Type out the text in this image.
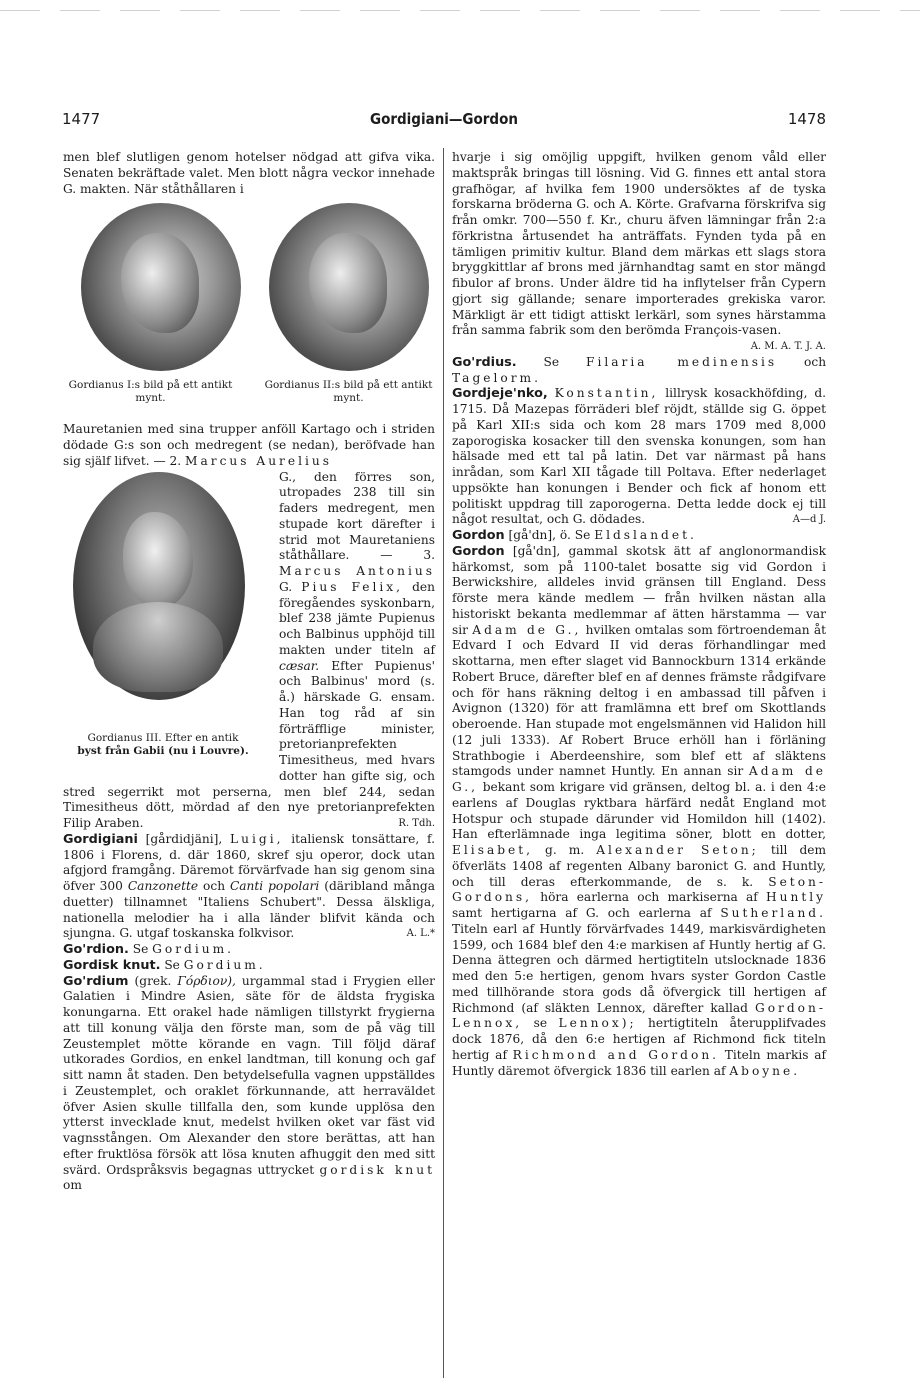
1477	Gordigiani—Gordon	1478

men blef slutligen genom hotelser nödgad att gifva vika. Senaten bekräftade valet. Men blott några veckor innehade G. makten. När ståthållaren i

Gordianus I:s bild på ett antikt mynt.
Gordianus II:s bild på ett antikt mynt.

Mauretanien med sina trupper anföll Kartago och i striden dödade G:s son och medregent (se nedan), beröfvade han sig själf lifvet. — 2. Marcus Aurelius

Gordianus III. Efter en antik
byst från Gabii (nu i Louvre).
G., den förres son, utropades 238 till sin faders medregent, men stupade kort därefter i strid mot Mauretaniens ståthållare. — 3. Marcus Antonius G. Pius Felix, den föregåendes syskonbarn, blef 238 jämte Pupienus och Balbinus upphöjd till makten under titeln af cæsar. Efter Pupienus' och Balbinus' mord (s. å.) härskade G. ensam. Han tog råd af sin förträfflige minister, pretorianprefekten Timesitheus, med hvars dotter han gifte sig, och stred segerrikt mot perserna, men blef 244, sedan Timesitheus dött, mördad af den nye pretorianprefekten Filip Araben.	R. Tdh.

Gordigiani [gårdidjäni], Luigi, italiensk tonsättare, f. 1806 i Florens, d. där 1860, skref sju operor, dock utan afgjord framgång. Däremot förvärfvade han sig genom sina öfver 300 Canzonette och Canti popolari (däribland många duetter) tillnamnet "Italiens Schubert". Dessa älskliga, nationella melodier ha i alla länder blifvit kända och sjungna. G. utgaf toskanska folkvisor.	A. L.*

Go'rdion. Se Gordium.

Gordisk knut. Se Gordium.

Go'rdium (grek. Γόρδιον), urgammal stad i Frygien eller Galatien i Mindre Asien, säte för de äldsta frygiska konungarna. Ett orakel hade nämligen tillstyrkt frygierna att till konung välja den förste man, som de på väg till Zeustemplet mötte körande en vagn. Till följd däraf utkorades Gordios, en enkel landtman, till konung och gaf sitt namn åt staden. Den betydelsefulla vagnen uppställdes i Zeustemplet, och oraklet förkunnande, att herraväldet öfver Asien skulle tillfalla den, som kunde upplösa den ytterst invecklade knut, medelst hvilken oket var fäst vid vagnsstången. Om Alexander den store berättas, att han efter fruktlösa försök att lösa knuten afhuggit den med sitt svärd. Ordspråksvis begagnas uttrycket gordisk knut om

hvarje i sig omöjlig uppgift, hvilken genom våld eller maktspråk bringas till lösning. Vid G. finnes ett antal stora grafhögar, af hvilka fem 1900 undersöktes af de tyska forskarna bröderna G. och A. Körte. Grafvarna förskrifva sig från omkr. 700—550 f. Kr., churu äfven lämningar från 2:a förkristna årtusendet ha anträffats. Fynden tyda på en tämligen primitiv kultur. Bland dem märkas ett slags stora bryggkittlar af brons med järnhandtag samt en stor mängd fibulor af brons. Under äldre tid ha inflytelser från Cypern gjort sig gällande; senare importerades grekiska varor. Märkligt är ett tidigt attiskt lerkärl, som synes härstamma från samma fabrik som den berömda François-vasen.
A. M. A. T. J. A.

Go'rdius. Se Filaria medinensis och Tagelorm.

Gordjeje'nko, Konstantin, lillrysk kosackhöfding, d. 1715. Då Mazepas förräderi blef röjdt, ställde sig G. öppet på Karl XII:s sida och kom 28 mars 1709 med 8,000 zaporogiska kosacker till den svenska konungen, som han hälsade med ett tal på latin. Det var närmast på hans inrådan, som Karl XII tågade till Poltava. Efter nederlaget uppsökte han konungen i Bender och fick af honom ett politiskt uppdrag till zaporogerna. Detta ledde dock ej till något resultat, och G. dödades.	A—d J.

Gordon [gå'dn], ö. Se Eldslandet.

Gordon [gå'dn], gammal skotsk ätt af anglonormandisk härkomst, som på 1100-talet bosatte sig vid Gordon i Berwickshire, alldeles invid gränsen till England. Dess förste mera kände medlem — från hvilken nästan alla historiskt bekanta medlemmar af ätten härstamma — var sir Adam de G., hvilken omtalas som förtroendeman åt Edvard I och Edvard II vid deras förhandlingar med skottarna, men efter slaget vid Bannockburn 1314 erkände Robert Bruce, därefter blef en af dennes främste rådgifvare och för hans räkning deltog i en ambassad till påfven i Avignon (1320) för att framlämna ett bref om Skottlands oberoende. Han stupade mot engelsmännen vid Halidon hill (12 juli 1333). Af Robert Bruce erhöll han i förläning Strathbogie i Aberdeenshire, som blef ett af släktens stamgods under namnet Huntly. En annan sir Adam de G., bekant som krigare vid gränsen, deltog bl. a. i den 4:e earlens af Douglas ryktbara härfärd nedåt England mot Hotspur och stupade därunder vid Homildon hill (1402). Han efterlämnade inga legitima söner, blott en dotter, Elisabet, g. m. Alexander Seton; till dem öfverläts 1408 af regenten Albany baronict G. and Huntly, och till deras efterkommande, de s. k. Seton-Gordons, höra earlerna och markiserna af Huntly samt hertigarna af G. och earlerna af Sutherland. Titeln earl af Huntly förvärfvades 1449, markisvärdigheten 1599, och 1684 blef den 4:e markisen af Huntly hertig af G. Denna ättegren och därmed hertigtiteln utslocknade 1836 med den 5:e hertigen, genom hvars syster Gordon Castle med tillhörande stora gods då öfvergick till hertigen af Richmond (af släkten Lennox, därefter kallad Gordon-Lennox, se Lennox); hertigtiteln återupplifvades dock 1876, då den 6:e hertigen af Richmond fick titeln hertig af Richmond and Gordon. Titeln markis af Huntly däremot öfvergick 1836 till earlen af Aboyne.
